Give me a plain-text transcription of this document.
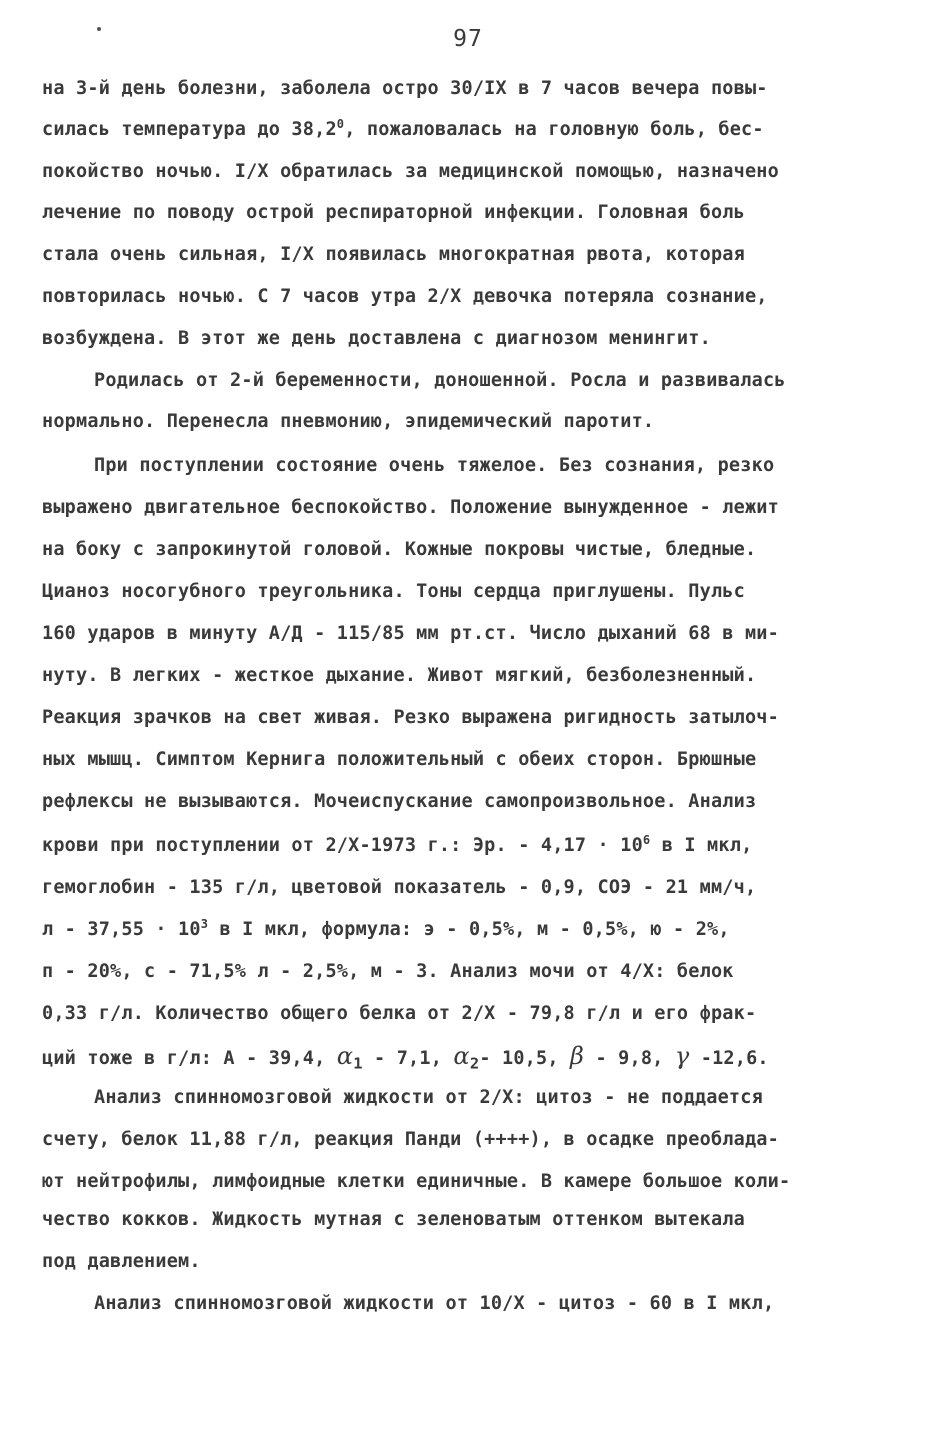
97
на 3-й день болезни, заболела остро 30/IX в 7 часов вечера повы-
силась температура до 38,2$^0$, пожаловалась на головную боль, бес-
покойство ночью. I/X обратилась за медицинской помощью, назначено
лечение по поводу острой респираторной инфекции. Головная боль
стала очень сильная, I/X появилась многократная рвота, которая
повторилась ночью. С 7 часов утра 2/X девочка потеряла сознание,
возбуждена. В этот же день доставлена с диагнозом менингит.
Родилась от 2-й беременности, доношенной. Росла и развивалась
нормально. Перенесла пневмонию, эпидемический паротит.
При поступлении состояние очень тяжелое. Без сознания, резко
выражено двигательное беспокойство. Положение вынужденное - лежит
на боку с запрокинутой головой. Кожные покровы чистые, бледные.
Цианоз носогубного треугольника. Тоны сердца приглушены. Пульс
160 ударов в минуту А/Д - 115/85 мм рт.ст. Число дыханий 68 в ми-
нуту. В легких - жесткое дыхание. Живот мягкий, безболезненный.
Реакция зрачков на свет живая. Резко выражена ригидность затылоч-
ных мышц. Симптом Кернига положительный с обеих сторон. Брюшные
рефлексы не вызываются. Мочеиспускание самопроизвольное. Анализ
крови при поступлении от 2/X-1973 г.: Эр. - $4,17 \cdot 10^6$ в I мкл,
гемоглобин - 135 г/л, цветовой показатель - 0,9, СОЭ - 21 мм/ч,
$л - 37,55 \cdot 10^3$ в I мкл, формула: э - 0,5%, м - 0,5%, ю - 2%,
п - 20%, с - 71,5% л - 2,5%, м - 3. Анализ мочи от 4/X: белок
0,33 г/л. Количество общего белка от 2/X - 79,8 г/л и его фрак-
ций тоже в г/л: А - 39,4, $\alpha_1 - 7,1$, $\alpha_2-$ 10,5, β - 9,8, γ -12,6.
Анализ спинномозговой жидкости от 2/X: цитоз - не поддается
счету, белок 11,88 г/л, реакция Панди (++++), в осадке преоблада-
ют нейтрофилы, лимфоидные клетки единичные. В камере большое коли-
чество кокков. Жидкость мутная с зеленоватым оттенком вытекала
под давлением.
Анализ спинномозговой жидкости от 10/X - цитоз - 60 в I мкл,
